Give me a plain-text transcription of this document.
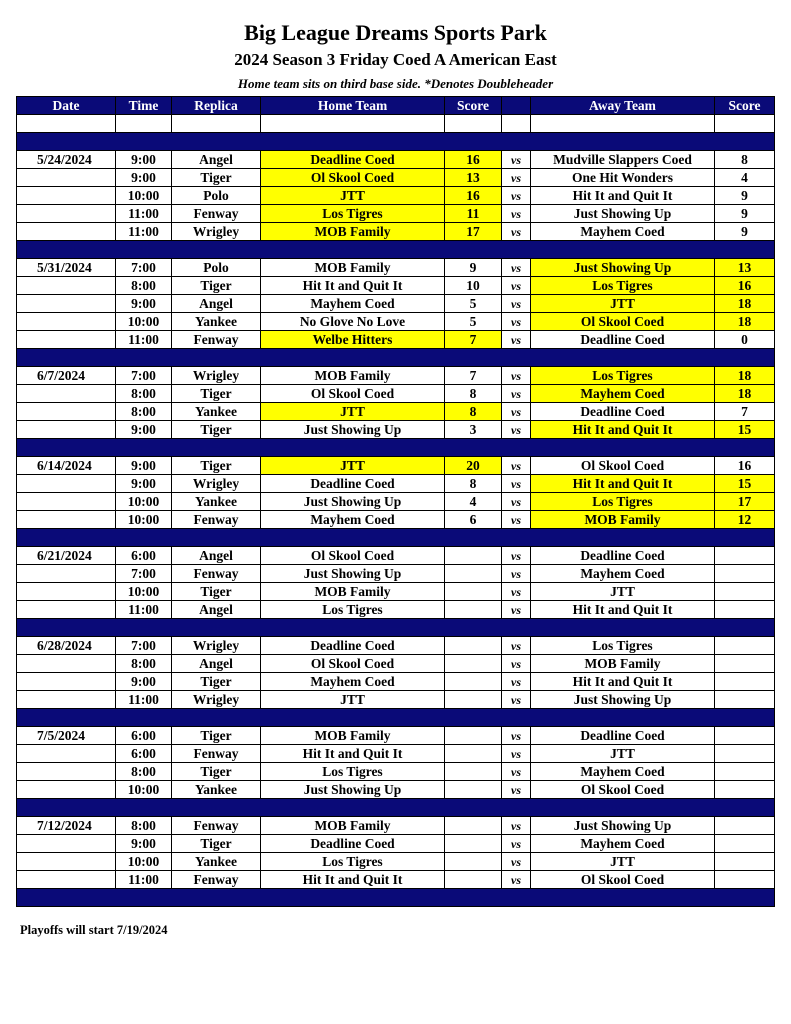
Big League Dreams Sports Park
2024 Season 3 Friday Coed A American East
Home team sits on third base side. *Denotes Doubleheader
Date	Time	Replica	Home Team	Score		Away Team	Score

5/24/2024	9:00	Angel	Deadline Coed	16	vs	Mudville Slappers Coed	8
	9:00	Tiger	Ol Skool Coed	13	vs	One Hit Wonders	4
	10:00	Polo	JTT	16	vs	Hit It and Quit It	9
	11:00	Fenway	Los Tigres	11	vs	Just Showing Up	9
	11:00	Wrigley	MOB Family	17	vs	Mayhem Coed	9

5/31/2024	7:00	Polo	MOB Family	9	vs	Just Showing Up	13
	8:00	Tiger	Hit It and Quit It	10	vs	Los Tigres	16
	9:00	Angel	Mayhem Coed	5	vs	JTT	18
	10:00	Yankee	No Glove No Love	5	vs	Ol Skool Coed	18
	11:00	Fenway	Welbe Hitters	7	vs	Deadline Coed	0

6/7/2024	7:00	Wrigley	MOB Family	7	vs	Los Tigres	18
	8:00	Tiger	Ol Skool Coed	8	vs	Mayhem Coed	18
	8:00	Yankee	JTT	8	vs	Deadline Coed	7
	9:00	Tiger	Just Showing Up	3	vs	Hit It and Quit It	15

6/14/2024	9:00	Tiger	JTT	20	vs	Ol Skool Coed	16
	9:00	Wrigley	Deadline Coed	8	vs	Hit It and Quit It	15
	10:00	Yankee	Just Showing Up	4	vs	Los Tigres	17
	10:00	Fenway	Mayhem Coed	6	vs	MOB Family	12

6/21/2024	6:00	Angel	Ol Skool Coed		vs	Deadline Coed	
	7:00	Fenway	Just Showing Up		vs	Mayhem Coed	
	10:00	Tiger	MOB Family		vs	JTT	
	11:00	Angel	Los Tigres		vs	Hit It and Quit It	

6/28/2024	7:00	Wrigley	Deadline Coed		vs	Los Tigres	
	8:00	Angel	Ol Skool Coed		vs	MOB Family	
	9:00	Tiger	Mayhem Coed		vs	Hit It and Quit It	
	11:00	Wrigley	JTT		vs	Just Showing Up	

7/5/2024	6:00	Tiger	MOB Family		vs	Deadline Coed	
	6:00	Fenway	Hit It and Quit It		vs	JTT	
	8:00	Tiger	Los Tigres		vs	Mayhem Coed	
	10:00	Yankee	Just Showing Up		vs	Ol Skool Coed	

7/12/2024	8:00	Fenway	MOB Family		vs	Just Showing Up	
	9:00	Tiger	Deadline Coed		vs	Mayhem Coed	
	10:00	Yankee	Los Tigres		vs	JTT	
	11:00	Fenway	Hit It and Quit It		vs	Ol Skool Coed	

Playoffs will start 7/19/2024
